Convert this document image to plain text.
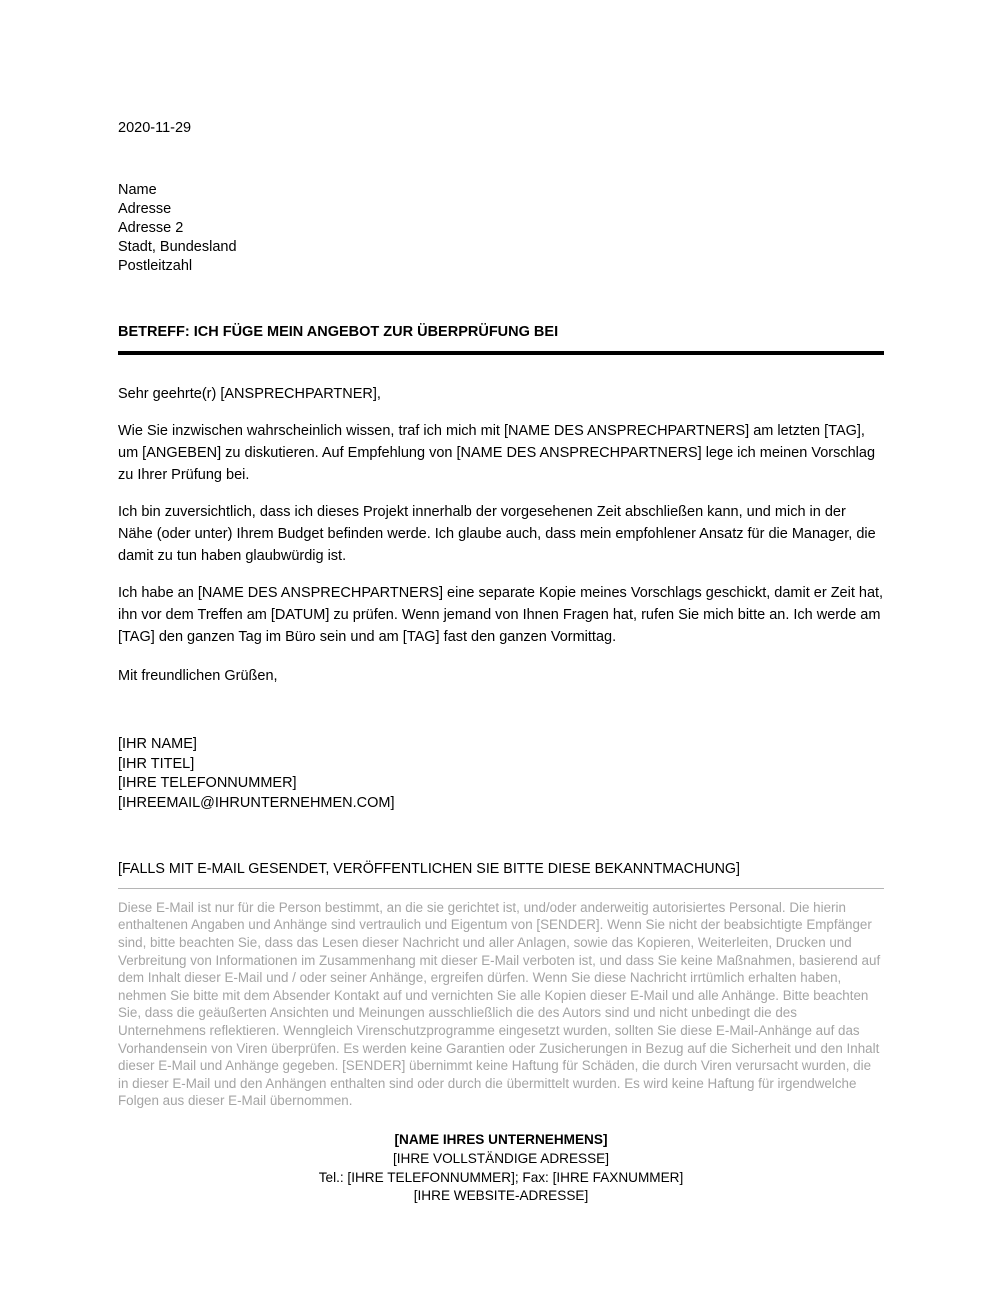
2020-11-29
Name
Adresse
Adresse 2
Stadt, Bundesland
Postleitzahl
BETREFF: ICH FÜGE MEIN ANGEBOT ZUR ÜBERPRÜFUNG BEI
Sehr geehrte(r) [ANSPRECHPARTNER],

Wie Sie inzwischen wahrscheinlich wissen, traf ich mich mit [NAME DES ANSPRECHPARTNERS] am letzten [TAG], um [ANGEBEN] zu diskutieren. Auf Empfehlung von [NAME DES ANSPRECHPARTNERS] lege ich meinen Vorschlag zu Ihrer Prüfung bei.

Ich bin zuversichtlich, dass ich dieses Projekt innerhalb der vorgesehenen Zeit abschließen kann, und mich in der Nähe (oder unter) Ihrem Budget befinden werde. Ich glaube auch, dass mein empfohlener Ansatz für die Manager, die damit zu tun haben glaubwürdig ist.

Ich habe an [NAME DES ANSPRECHPARTNERS] eine separate Kopie meines Vorschlags geschickt, damit er Zeit hat, ihn vor dem Treffen am [DATUM] zu prüfen. Wenn jemand von Ihnen Fragen hat, rufen Sie mich bitte an. Ich werde am [TAG] den ganzen Tag im Büro sein und am [TAG] fast den ganzen Vormittag.

Mit freundlichen Grüßen,
[IHR NAME]
[IHR TITEL]
[IHRE TELEFONNUMMER]
[IHREEMAIL@IHRUNTERNEHMEN.COM]
[FALLS MIT E-MAIL GESENDET, VERÖFFENTLICHEN SIE BITTE DIESE BEKANNTMACHUNG]
Diese E-Mail ist nur für die Person bestimmt, an die sie gerichtet ist, und/oder anderweitig autorisiertes Personal. Die hierin enthaltenen Angaben und Anhänge sind vertraulich und Eigentum von [SENDER]. Wenn Sie nicht der beabsichtigte Empfänger sind, bitte beachten Sie, dass das Lesen dieser Nachricht und aller Anlagen, sowie das Kopieren, Weiterleiten, Drucken und Verbreitung von Informationen im Zusammenhang mit dieser E-Mail verboten ist, und dass Sie keine Maßnahmen, basierend auf dem Inhalt dieser E-Mail und / oder seiner Anhänge, ergreifen dürfen. Wenn Sie diese Nachricht irrtümlich erhalten haben, nehmen Sie bitte mit dem Absender Kontakt auf und vernichten Sie alle Kopien dieser E-Mail und alle Anhänge. Bitte beachten Sie, dass die geäußerten Ansichten und Meinungen ausschließlich die des Autors sind und nicht unbedingt die des Unternehmens reflektieren. Wenngleich Virenschutzprogramme eingesetzt wurden, sollten Sie diese E-Mail-Anhänge auf das Vorhandensein von Viren überprüfen. Es werden keine Garantien oder Zusicherungen in Bezug auf die Sicherheit und den Inhalt dieser E-Mail und Anhänge gegeben. [SENDER] übernimmt keine Haftung für Schäden, die durch Viren verursacht wurden, die in dieser E-Mail und den Anhängen enthalten sind oder durch die übermittelt wurden. Es wird keine Haftung für irgendwelche Folgen aus dieser E-Mail übernommen.
[NAME IHRES UNTERNEHMENS]
[IHRE VOLLSTÄNDIGE ADRESSE]
Tel.: [IHRE TELEFONNUMMER]; Fax: [IHRE FAXNUMMER]
[IHRE WEBSITE-ADRESSE]
